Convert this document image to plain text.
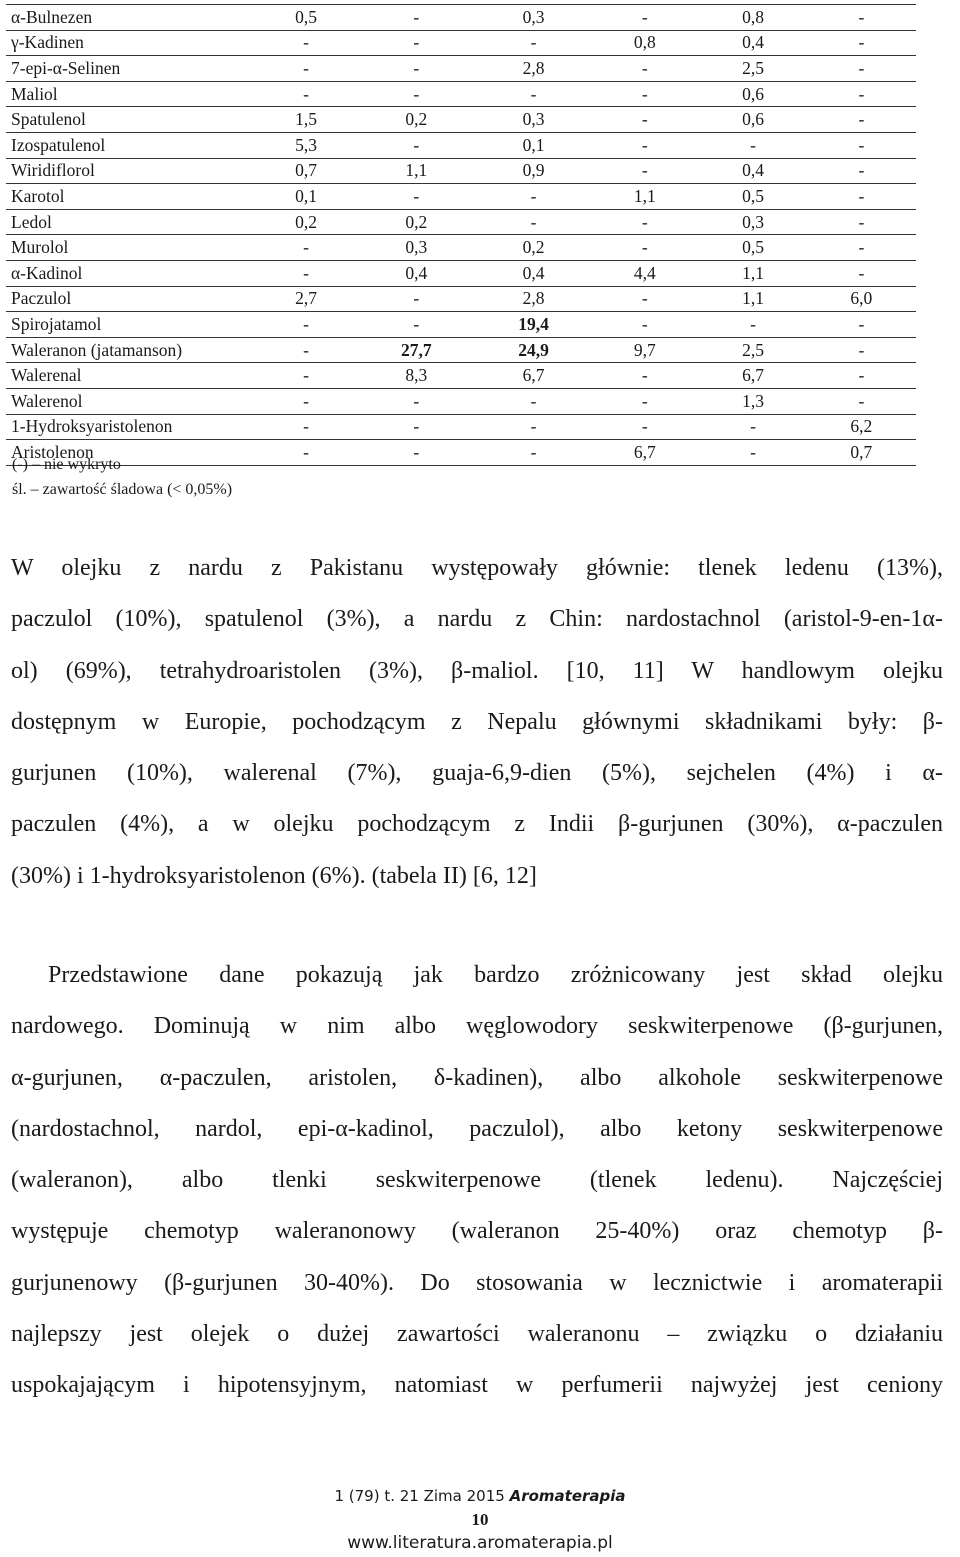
α-Bulnezen	0,5	-	0,3	-	0,8	-
γ-Kadinen	-	-	-	0,8	0,4	-
7-epi-α-Selinen	-	-	2,8	-	2,5	-
Maliol	-	-	-	-	0,6	-
Spatulenol	1,5	0,2	0,3	-	0,6	-
Izospatulenol	5,3	-	0,1	-	-	-
Wiridiflorol	0,7	1,1	0,9	-	0,4	-
Karotol	0,1	-	-	1,1	0,5	-
Ledol	0,2	0,2	-	-	0,3	-
Murolol	-	0,3	0,2	-	0,5	-
α-Kadinol	-	0,4	0,4	4,4	1,1	-
Paczulol	2,7	-	2,8	-	1,1	6,0
Spirojatamol	-	-	19,4	-	-	-
Waleranon (jatamanson)	-	27,7	24,9	9,7	2,5	-
Walerenal	-	8,3	6,7	-	6,7	-
Walerenol	-	-	-	-	1,3	-
1-Hydroksyaristolenon	-	-	-	-	-	6,2
Aristolenon	-	-	-	6,7	-	0,7
(-) – nie wykryto
śl. – zawartość śladowa (< 0,05%)
W olejku z nardu z Pakistanu występowały głównie: tlenek ledenu (13%),
paczulol (10%), spatulenol (3%), a nardu z Chin: nardostachnol (aristol-9-en-1α-
ol) (69%), tetrahydroaristolen (3%), β-maliol. [10, 11] W handlowym olejku
dostępnym w Europie, pochodzącym z Nepalu głównymi składnikami były: β-
gurjunen (10%), walerenal (7%), guaja-6,9-dien (5%), sejchelen (4%) i α-
paczulen (4%), a w olejku pochodzącym z Indii β-gurjunen (30%), α-paczulen
(30%) i 1-hydroksyaristolenon (6%). (tabela II) [6, 12]
Przedstawione dane pokazują jak bardzo zróżnicowany jest skład olejku
nardowego. Dominują w nim albo węglowodory seskwiterpenowe (β-gurjunen,
α-gurjunen, α-paczulen, aristolen, δ-kadinen), albo alkohole seskwiterpenowe
(nardostachnol, nardol, epi-α-kadinol, paczulol), albo ketony seskwiterpenowe
(waleranon), albo tlenki seskwiterpenowe (tlenek ledenu). Najczęściej
występuje chemotyp waleranonowy (waleranon 25-40%) oraz chemotyp β-
gurjunenowy (β-gurjunen 30-40%). Do stosowania w lecznictwie i aromaterapii
najlepszy jest olejek o dużej zawartości waleranonu – związku o działaniu
uspokajającym i hipotensyjnym, natomiast w perfumerii najwyżej jest ceniony
1 (79) t. 21 Zima 2015 Aromaterapia
10
www.literatura.aromaterapia.pl
